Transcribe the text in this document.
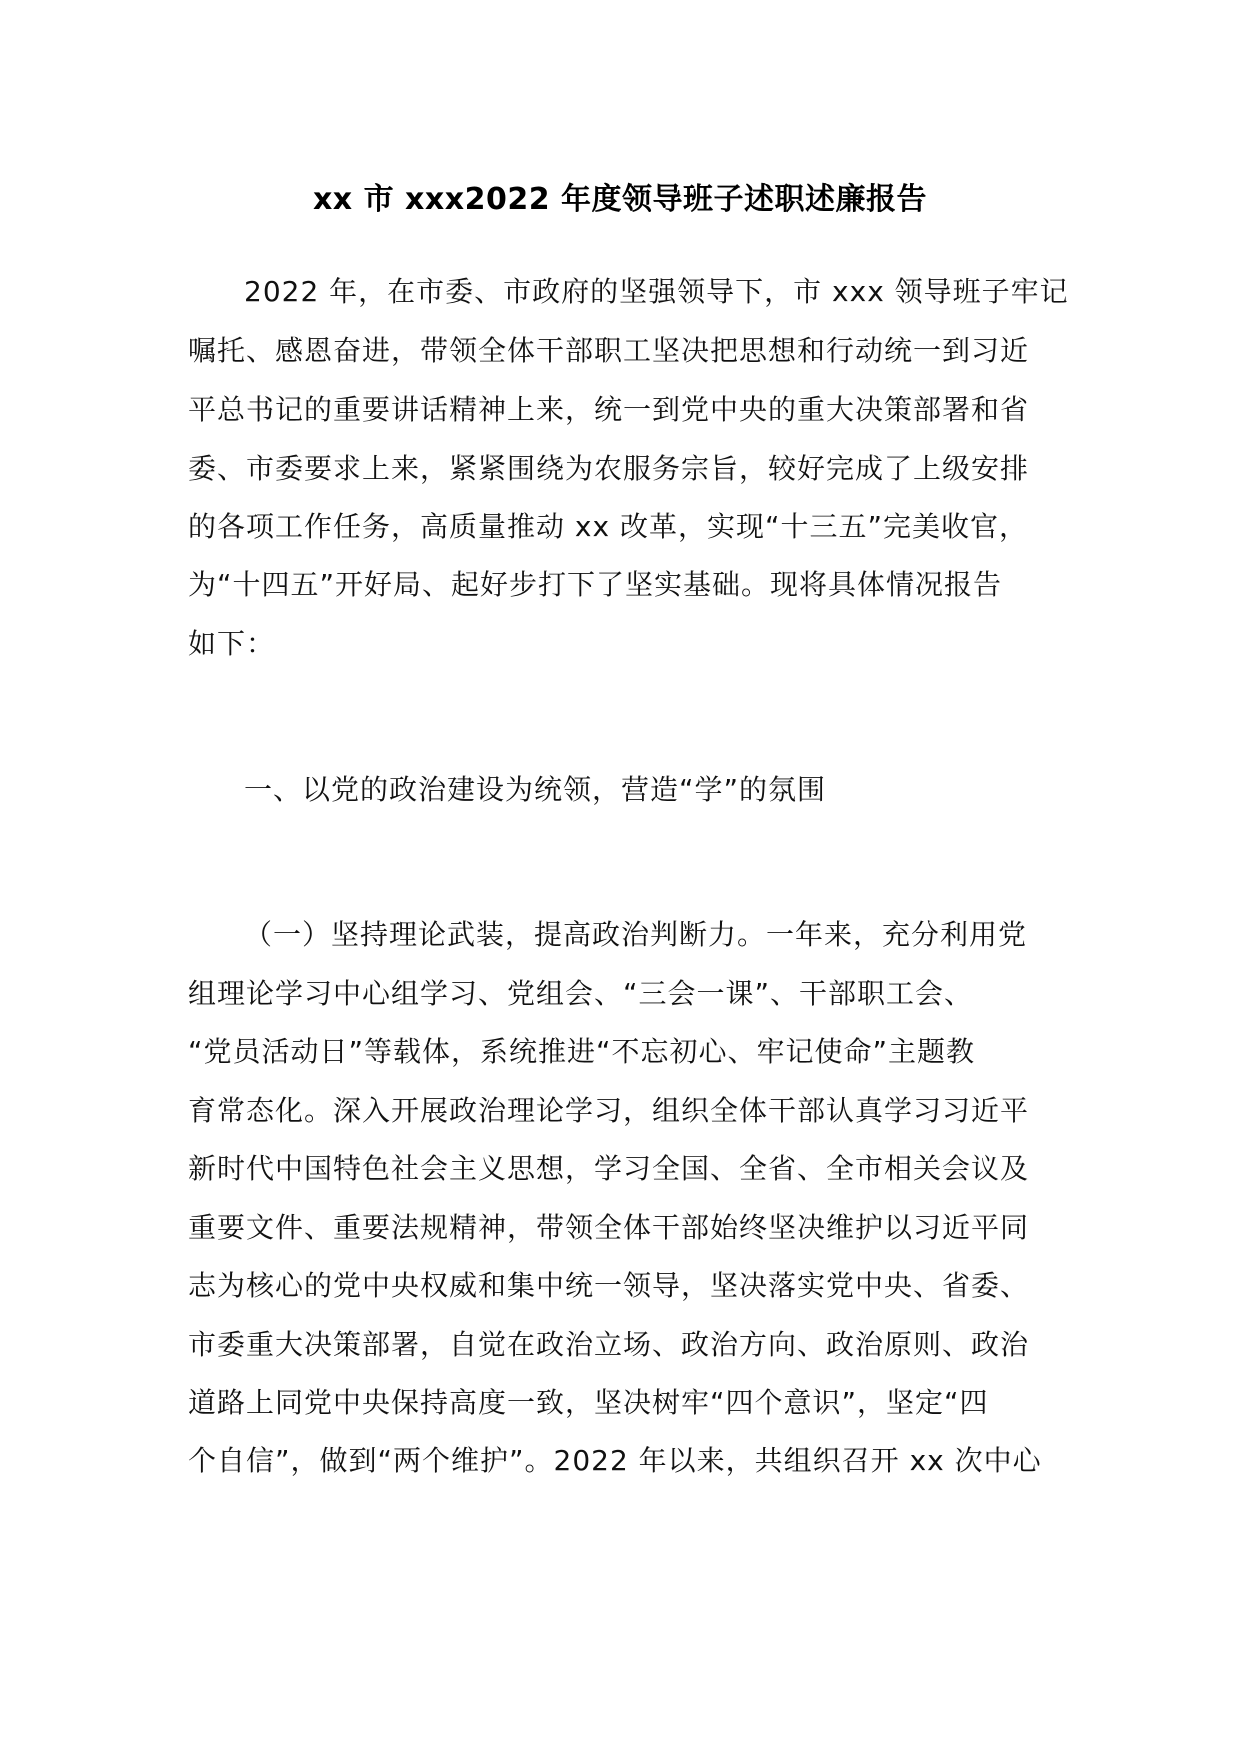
xx 市 xxx2022 年度领导班子述职述廉报告
2022 年，在市委、市政府的坚强领导下，市 xxx 领导班子牢记
嘱托、感恩奋进，带领全体干部职工坚决把思想和行动统一到习近
平总书记的重要讲话精神上来，统一到党中央的重大决策部署和省
委、市委要求上来，紧紧围绕为农服务宗旨，较好完成了上级安排
的各项工作任务，高质量推动 xx 改革，实现“十三五”完美收官，
为“十四五”开好局、起好步打下了坚实基础。现将具体情况报告
如下：
一、以党的政治建设为统领，营造“学”的氛围
（一）坚持理论武装，提高政治判断力。一年来，充分利用党
组理论学习中心组学习、党组会、“三会一课”、干部职工会、
“党员活动日”等载体，系统推进“不忘初心、牢记使命”主题教
育常态化。深入开展政治理论学习，组织全体干部认真学习习近平
新时代中国特色社会主义思想，学习全国、全省、全市相关会议及
重要文件、重要法规精神，带领全体干部始终坚决维护以习近平同
志为核心的党中央权威和集中统一领导，坚决落实党中央、省委、
市委重大决策部署，自觉在政治立场、政治方向、政治原则、政治
道路上同党中央保持高度一致，坚决树牢“四个意识”，坚定“四
个自信”，做到“两个维护”。2022 年以来，共组织召开 xx 次中心
